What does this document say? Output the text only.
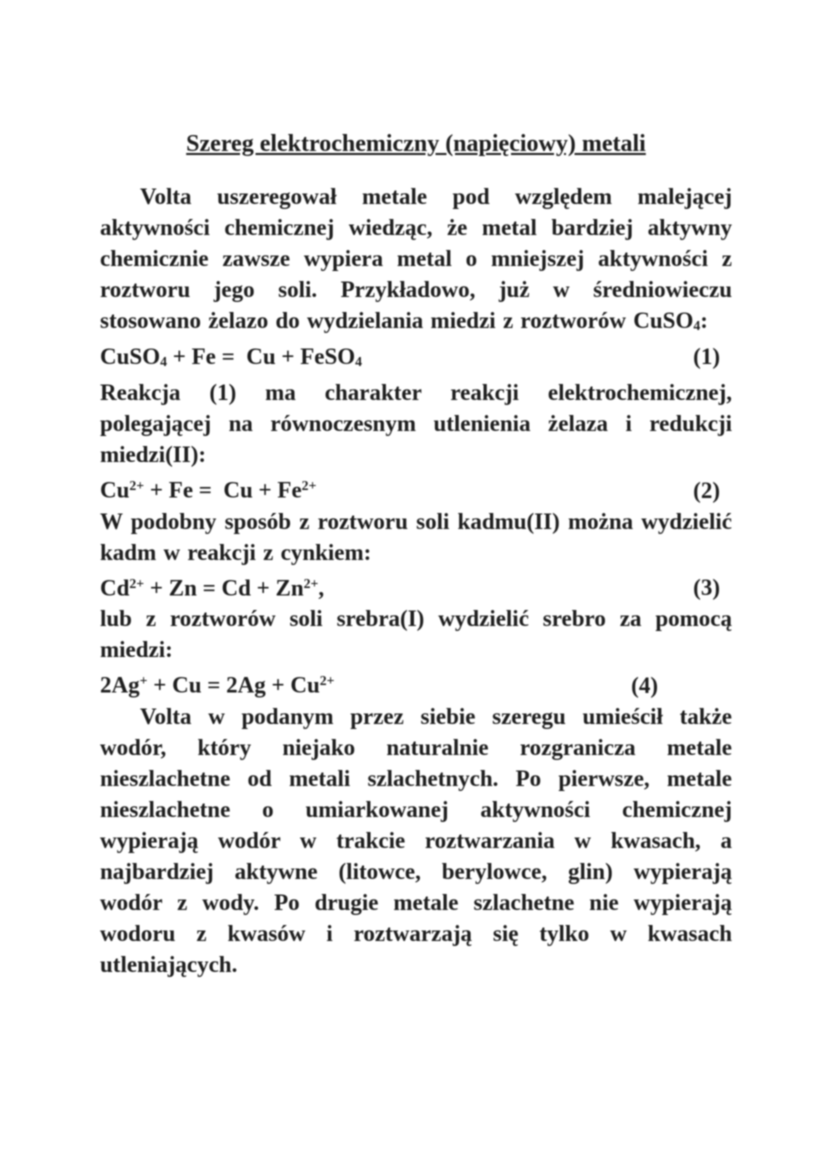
Szereg elektrochemiczny (napięciowy) metali

Volta uszeregował metale pod względem malejącej aktywności chemicznej wiedząc, że metal bardziej aktywny chemicznie zawsze wypiera metal o mniejszej aktywności z roztworu jego soli. Przykładowo, już w średniowieczu stosowano żelazo do wydzielania miedzi z roztworów CuSO$_4$:

CuSO$_4$ + Fe =  Cu + FeSO$_4$	(1)

Reakcja (1) ma charakter reakcji elektrochemicznej, polegającej na równoczesnym utlenienia żelaza i redukcji miedzi(II):

$Cu^{2+} + Fe = Cu + Fe^{2+}$	(2)

W podobny sposób z roztworu soli kadmu(II) można wydzielić kadm w reakcji z cynkiem:

$Cd^{2+} + Zn = Cd + Zn^{2+}$,	(3)

lub z roztworów soli srebra(I) wydzielić srebro za pomocą miedzi:

$2Ag^+ + Cu = 2Ag + Cu^{2+}$	(4)

Volta w podanym przez siebie szeregu umieścił także wodór, który niejako naturalnie rozgranicza metale nieszlachetne od metali szlachetnych. Po pierwsze, metale nieszlachetne o umiarkowanej aktywności chemicznej wypierają wodór w trakcie roztwarzania w kwasach, a najbardziej aktywne (litowce, berylowce, glin) wypierają wodór z wody. Po drugie metale szlachetne nie wypierają wodoru z kwasów i roztwarzają się tylko w kwasach utleniających.
